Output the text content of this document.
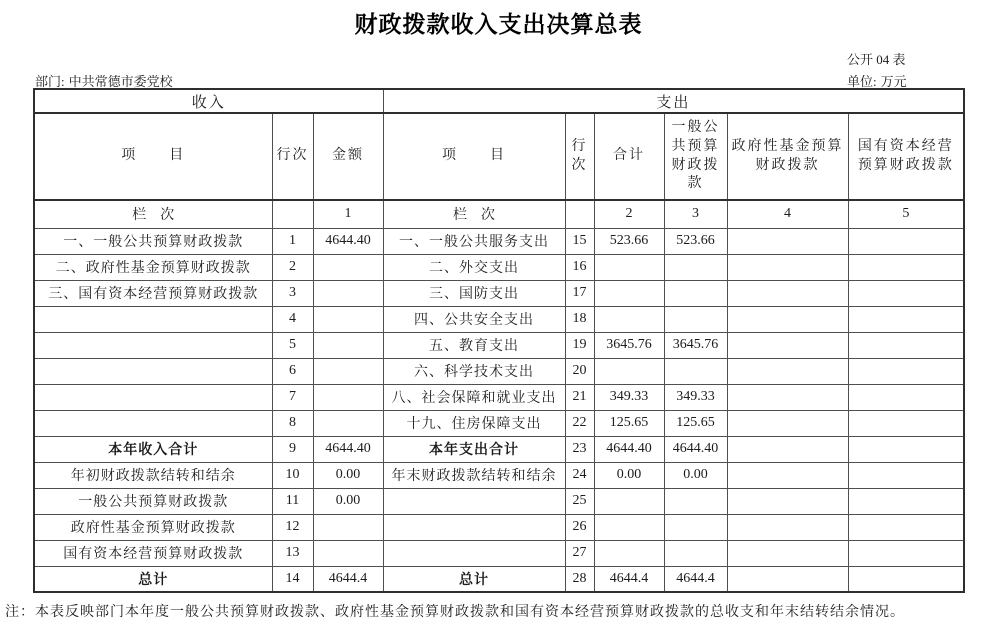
财政拨款收入支出决算总表
公开 04 表
部门: 中共常德市委党校	单位: 万元
收入			支出					
项　　目	行次	金额	项　　目	行次	合计	一般公共预算财政拨款	政府性基金预算财政拨款	国有资本经营预算财政拨款
栏　次		1	栏　次		2	3	4	5
一、一般公共预算财政拨款	1	4644.40	一、一般公共服务支出	15	523.66	523.66		
二、政府性基金预算财政拨款	2		二、外交支出	16				
三、国有资本经营预算财政拨款	3		三、国防支出	17				
	4		四、公共安全支出	18				
	5		五、教育支出	19	3645.76	3645.76		
	6		六、科学技术支出	20				
	7		八、社会保障和就业支出	21	349.33	349.33		
	8		十九、住房保障支出	22	125.65	125.65		
本年收入合计	9	4644.40	本年支出合计	23	4644.40	4644.40		
年初财政拨款结转和结余	10	0.00	年末财政拨款结转和结余	24	0.00	0.00		
一般公共预算财政拨款	11	0.00		25				
政府性基金预算财政拨款	12			26				
国有资本经营预算财政拨款	13			27				
总计	14	4644.4	总计	28	4644.4	4644.4		
注：本表反映部门本年度一般公共预算财政拨款、政府性基金预算财政拨款和国有资本经营预算财政拨款的总收支和年末结转结余情况。
